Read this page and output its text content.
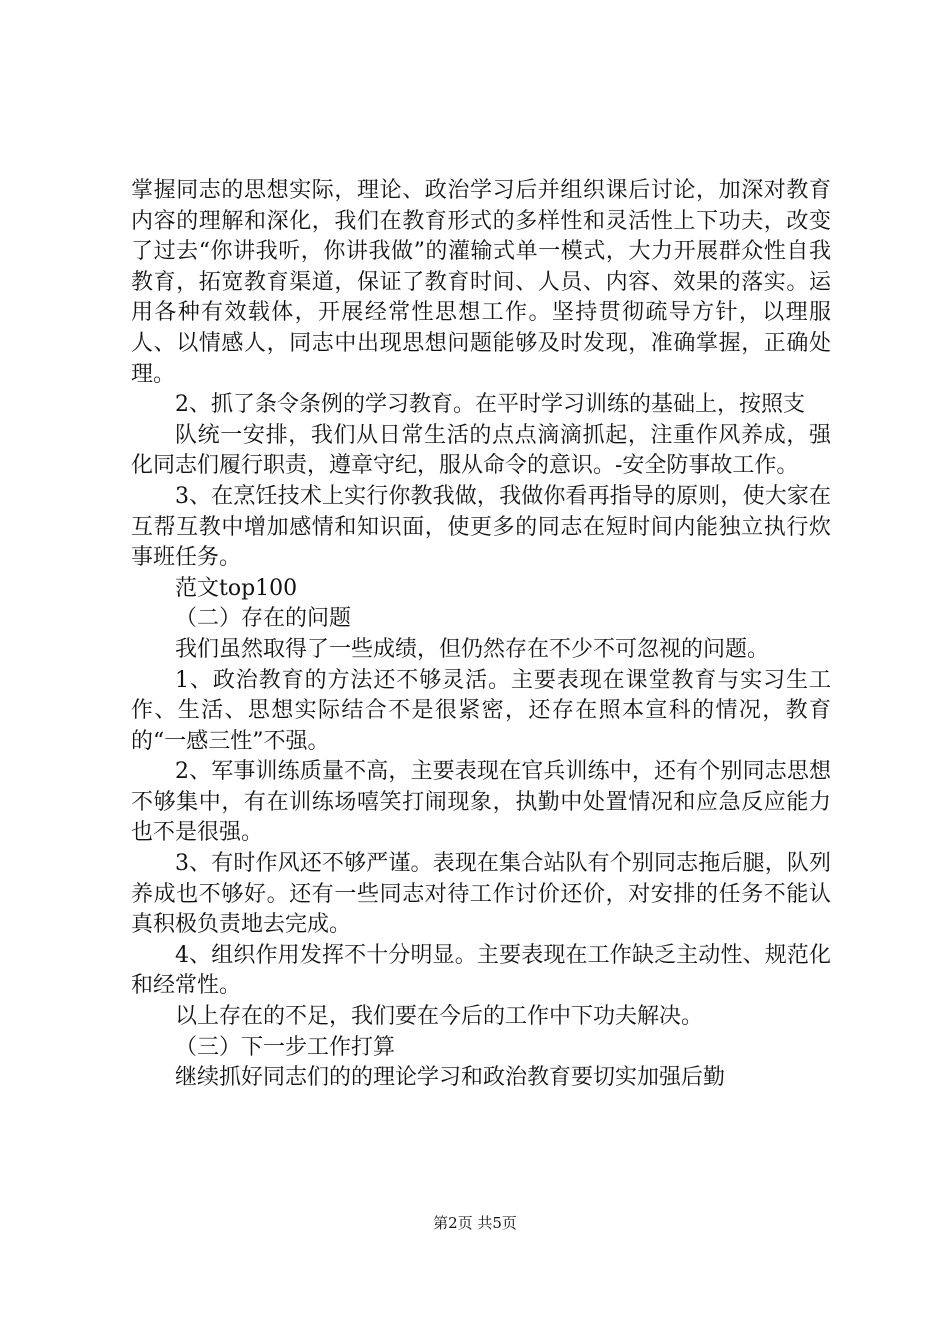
掌握同志的思想实际，理论、政治学习后并组织课后讨论，加深对教育内容的理解和深化，我们在教育形式的多样性和灵活性上下功夫，改变了过去“你讲我听，你讲我做”的灌输式单一模式，大力开展群众性自我教育，拓宽教育渠道，保证了教育时间、人员、内容、效果的落实。运用各种有效载体，开展经常性思想工作。坚持贯彻疏导方针，以理服人、以情感人，同志中出现思想问题能够及时发现，准确掌握，正确处理。

2、抓了条令条例的学习教育。在平时学习训练的基础上，按照支

队统一安排，我们从日常生活的点点滴滴抓起，注重作风养成，强化同志们履行职责，遵章守纪，服从命令的意识。-安全防事故工作。

3、在烹饪技术上实行你教我做，我做你看再指导的原则，使大家在互帮互教中增加感情和知识面，使更多的同志在短时间内能独立执行炊事班任务。

范文top100

（二）存在的问题

我们虽然取得了一些成绩，但仍然存在不少不可忽视的问题。

1、政治教育的方法还不够灵活。主要表现在课堂教育与实习生工作、生活、思想实际结合不是很紧密，还存在照本宣科的情况，教育的“一感三性”不强。

2、军事训练质量不高，主要表现在官兵训练中，还有个别同志思想不够集中，有在训练场嘻笑打闹现象，执勤中处置情况和应急反应能力也不是很强。

3、有时作风还不够严谨。表现在集合站队有个别同志拖后腿，队列养成也不够好。还有一些同志对待工作讨价还价，对安排的任务不能认真积极负责地去完成。

4、组织作用发挥不十分明显。主要表现在工作缺乏主动性、规范化和经常性。

以上存在的不足，我们要在今后的工作中下功夫解决。

（三）下一步工作打算

继续抓好同志们的的理论学习和政治教育要切实加强后勤

第2页 共5页
